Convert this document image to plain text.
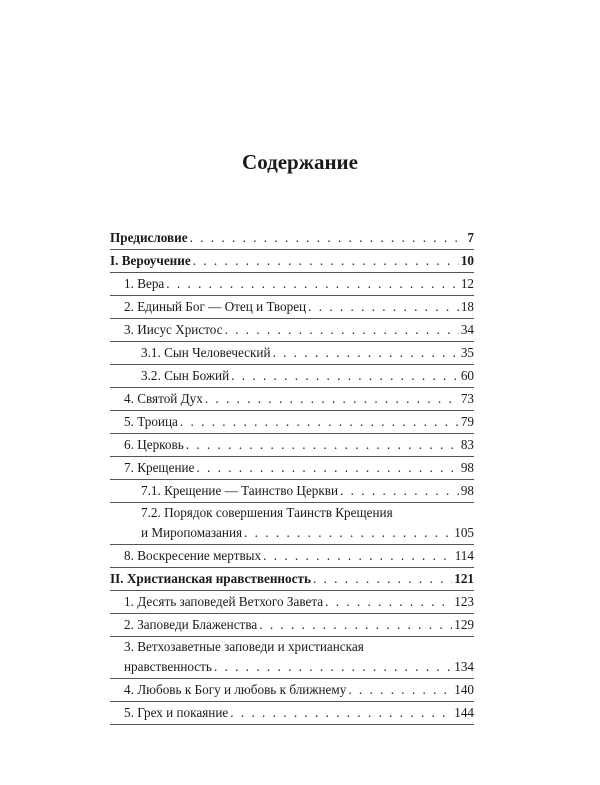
Содержание
Предисловие . . .	7
I. Вероучение . . .	10
1. Вера . . .	12
2. Единый Бог — Отец и Творец . . .	18
3. Иисус Христос . . .	34
3.1. Сын Человеческий . . .	35
3.2. Сын Божий . . .	60
4. Святой Дух . . .	73
5. Троица . . .	79
6. Церковь . . .	83
7. Крещение . . .	98
7.1. Крещение — Таинство Церкви . . .	98
7.2. Порядок совершения Таинств Крещения
и Миропомазания . . .	105
8. Воскресение мертвых . . .	114
II. Христианская нравственность . . .	121
1. Десять заповедей Ветхого Завета . . .	123
2. Заповеди Блаженства . . .	129
3. Ветхозаветные заповеди и христианская
нравственность . . .	134
4. Любовь к Богу и любовь к ближнему . . .	140
5. Грех и покаяние . . .	144
